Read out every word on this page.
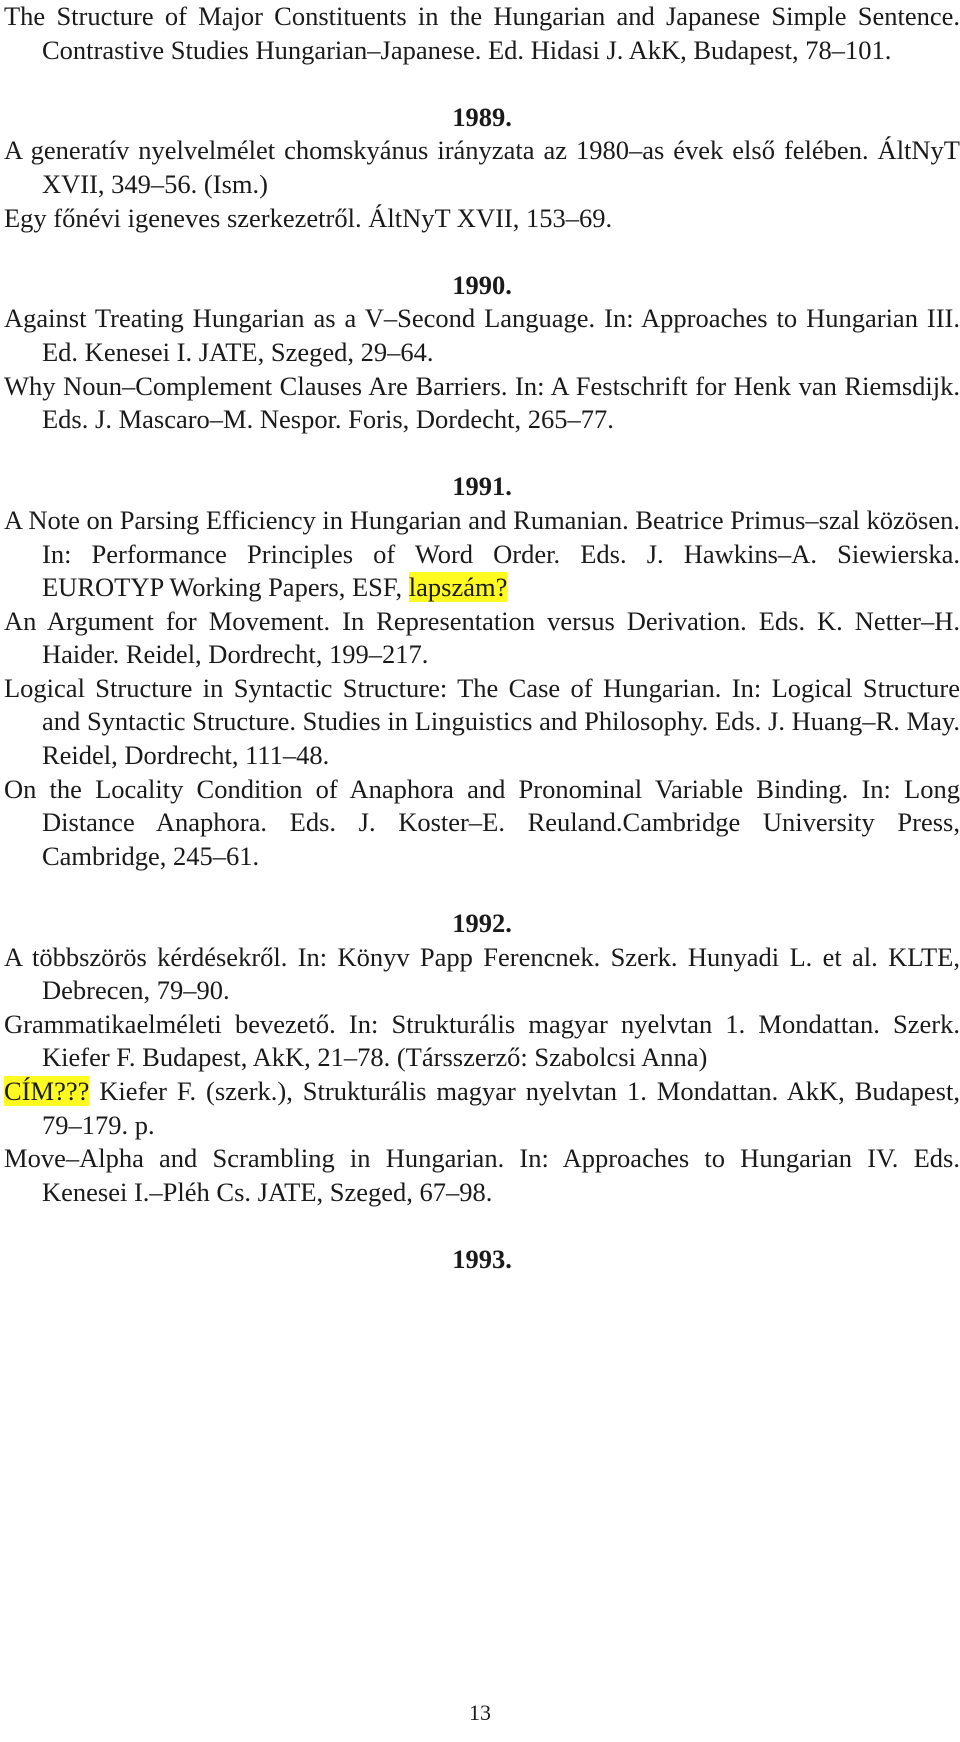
The Structure of Major Constituents in the Hungarian and Japanese Simple Sentence. Contrastive Studies Hungarian–Japanese. Ed. Hidasi J. AkK, Budapest, 78–101.

1989.

A generatív nyelvelmélet chomskyánus irányzata az 1980–as évek első felében. ÁltNyT XVII, 349–56. (Ism.)

Egy főnévi igeneves szerkezetről. ÁltNyT XVII, 153–69.

1990.

Against Treating Hungarian as a V–Second Language. In: Approaches to Hungarian III. Ed. Kenesei I. JATE, Szeged, 29–64.

Why Noun–Complement Clauses Are Barriers. In: A Festschrift for Henk van Riemsdijk. Eds. J. Mascaro–M. Nespor. Foris, Dordecht, 265–77.

1991.

A Note on Parsing Efficiency in Hungarian and Rumanian. Beatrice Primus–szal közösen. In: Performance Principles of Word Order. Eds. J. Hawkins–A. Siewierska. EUROTYP Working Papers, ESF, lapszám?

An Argument for Movement. In Representation versus Derivation. Eds. K. Netter–H. Haider. Reidel, Dordrecht, 199–217.

Logical Structure in Syntactic Structure: The Case of Hungarian. In: Logical Structure and Syntactic Structure. Studies in Linguistics and Philosophy. Eds. J. Huang–R. May. Reidel, Dordrecht, 111–48.

On the Locality Condition of Anaphora and Pronominal Variable Binding. In: Long Distance Anaphora. Eds. J. Koster–E. Reuland.Cambridge University Press, Cambridge, 245–61.

1992.

A többszörös kérdésekről. In: Könyv Papp Ferencnek. Szerk. Hunyadi L. et al. KLTE, Debrecen, 79–90.

Grammatikaelméleti bevezető. In: Strukturális magyar nyelvtan 1. Mondattan. Szerk. Kiefer F. Budapest, AkK, 21–78. (Társszerző: Szabolcsi Anna)

CÍM??? Kiefer F. (szerk.), Strukturális magyar nyelvtan 1. Mondattan. AkK, Budapest, 79–179. p.

Move–Alpha and Scrambling in Hungarian. In: Approaches to Hungarian IV. Eds. Kenesei I.–Pléh Cs. JATE, Szeged, 67–98.

1993.

13
